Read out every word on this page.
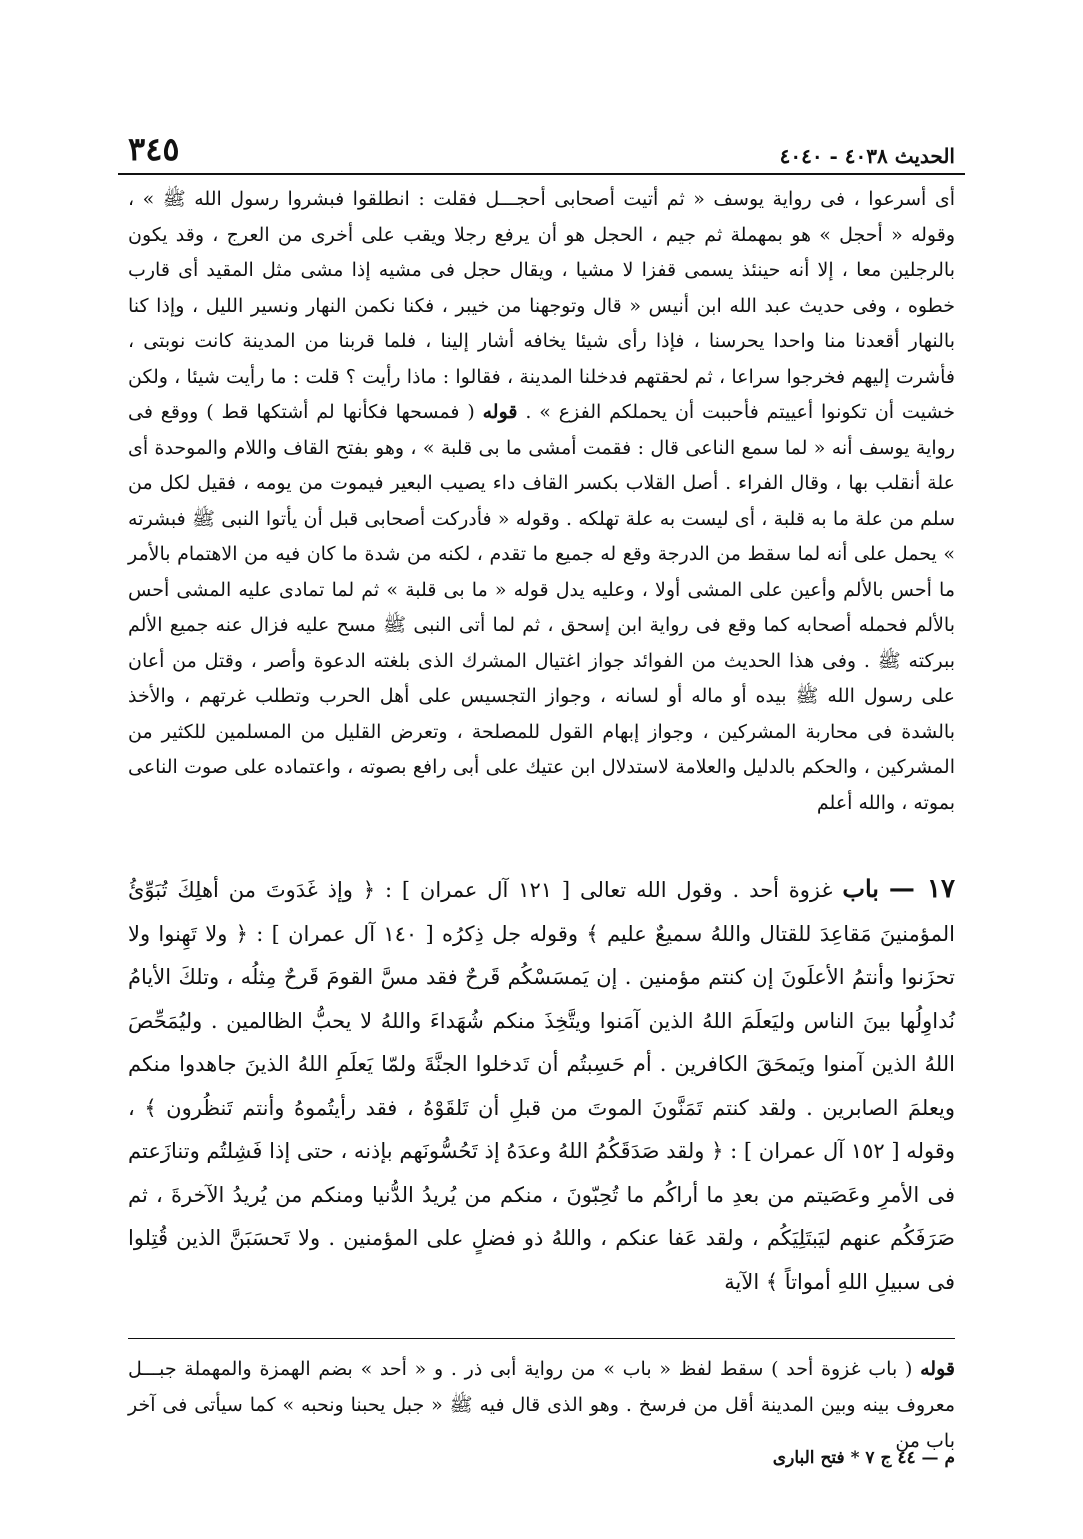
الحديث ٤٠٣٨ - ٤٠٤٠
٣٤٥

أى أسرعوا ، فى رواية يوسف « ثم أتيت أصحابى أحجـــل فقلت : انطلقوا فبشروا رسول الله ﷺ » ، وقوله « أحجل » هو بمهملة ثم جيم ، الحجل هو أن يرفع رجلا ويقب على أخرى من العرج ، وقد يكون بالرجلين معا ، إلا أنه حينئذ يسمى قفزا لا مشيا ، ويقال حجل فى مشيه إذا مشى مثل المقيد أى قارب خطوه ، وفى حديث عبد الله ابن أنيس « قال وتوجهنا من خيبر ، فكنا نكمن النهار ونسير الليل ، وإذا كنا بالنهار أقعدنا منا واحدا يحرسنا ، فإذا رأى شيئا يخافه أشار إلينا ، فلما قربنا من المدينة كانت نوبتى ، فأشرت إليهم فخرجوا سراعا ، ثم لحقتهم فدخلنا المدينة ، فقالوا : ماذا رأيت ؟ قلت : ما رأيت شيئا ، ولكن خشيت أن تكونوا أعييتم فأحببت أن يحملكم الفزع » . قوله ( فمسحها فكأنها لم أشتكها قط ) ووقع فى رواية يوسف أنه « لما سمع الناعى قال : فقمت أمشى ما بى قلبة » ، وهو بفتح القاف واللام والموحدة أى علة أنقلب بها ، وقال الفراء . أصل القلاب بكسر القاف داء يصيب البعير فيموت من يومه ، فقيل لكل من سلم من علة ما به قلبة ، أى ليست به علة تهلكه . وقوله « فأدركت أصحابى قبل أن يأتوا النبى ﷺ فبشرته » يحمل على أنه لما سقط من الدرجة وقع له جميع ما تقدم ، لكنه من شدة ما كان فيه من الاهتمام بالأمر ما أحس بالألم وأعين على المشى أولا ، وعليه يدل قوله « ما بى قلبة » ثم لما تمادى عليه المشى أحس بالألم فحمله أصحابه كما وقع فى رواية ابن إسحق ، ثم لما أتى النبى ﷺ مسح عليه فزال عنه جميع الألم ببركته ﷺ . وفى هذا الحديث من الفوائد جواز اغتيال المشرك الذى بلغته الدعوة وأصر ، وقتل من أعان على رسول الله ﷺ بيده أو ماله أو لسانه ، وجواز التجسيس على أهل الحرب وتطلب غرتهم ، والأخذ بالشدة فى محاربة المشركين ، وجواز إبهام القول للمصلحة ، وتعرض القليل من المسلمين للكثير من المشركين ، والحكم بالدليل والعلامة لاستدلال ابن عتيك على أبى رافع بصوته ، واعتماده على صوت الناعى بموته ، والله أعلم

١٧ — باب غزوة أحد . وقول الله تعالى [ ١٢١ آل عمران ] : ﴿ وإذ غَدَوتَ من أهلِكَ تُبَوِّئُ المؤمنينَ مَقاعِدَ للقتال واللهُ سميعٌ عليم ﴾ وقوله جل ذِكرُه [ ١٤٠ آل عمران ] : ﴿ ولا تَهِنوا ولا تحزَنوا وأنتمُ الأعلَونَ إن كنتم مؤمنين . إن يَمسَسْكُم قَرحٌ فقد مسَّ القومَ قَرحٌ مِثلُه ، وتلكَ الأيامُ نُداوِلُها بينَ الناس وليَعلَمَ اللهُ الذين آمَنوا ويتَّخِذَ منكم شُهَداءَ واللهُ لا يحبُّ الظالمين . وليُمَحِّصَ اللهُ الذين آمنوا ويَمحَقَ الكافرين . أم حَسِبتُم أن تَدخلوا الجنَّةَ ولمّا يَعلَمِ اللهُ الذينَ جاهدوا منكم ويعلمَ الصابرين . ولقد كنتم تَمَنَّونَ الموتَ من قبلِ أن تَلقَوْهُ ، فقد رأيتُموهُ وأنتم تَنظُرون ﴾ ، وقوله [ ١٥٢ آل عمران ] : ﴿ ولقد صَدَقَكُمُ اللهُ وعدَهُ إذ تَحُسُّونَهم بإذنه ، حتى إذا فَشِلتُم وتنازَعتم فى الأمرِ وعَصَيتم من بعدِ ما أراكُم ما تُحِبّونَ ، منكم من يُريدُ الدُّنيا ومنكم من يُريدُ الآخرةَ ، ثم صَرَفَكُم عنهم ليَبتَلِيَكُم ، ولقد عَفا عنكم ، واللهُ ذو فضلٍ على المؤمنين . ولا تَحسَبَنَّ الذين قُتِلوا فى سبيلِ اللهِ أمواتاً ﴾ الآية

قوله ( باب غزوة أحد ) سقط لفظ « باب » من رواية أبى ذر . و « أحد » بضم الهمزة والمهملة جبـــل معروف بينه وبين المدينة أقل من فرسخ . وهو الذى قال فيه ﷺ « جبل يحبنا ونحبه » كما سيأتى فى آخر باب من

م — ٤٤ ج ٧ * فتح البارى
